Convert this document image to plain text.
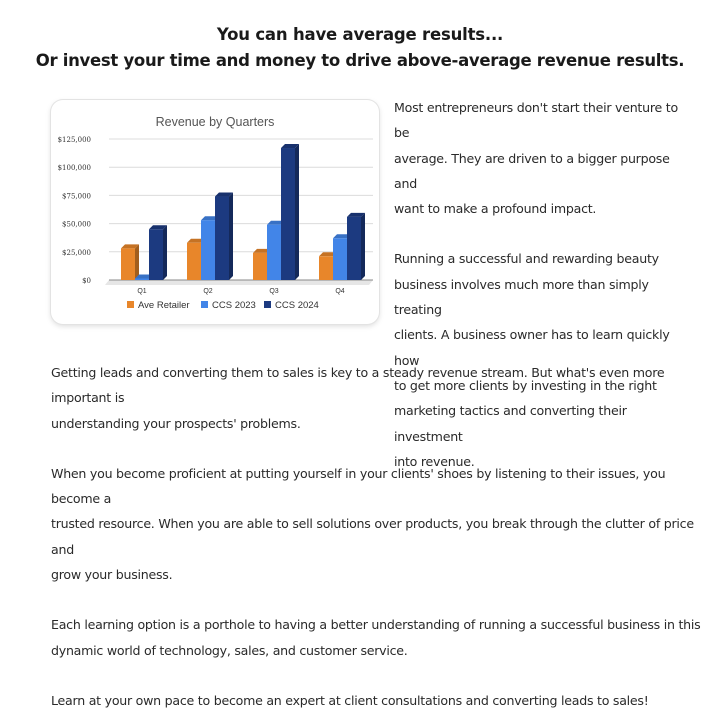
You can have average results...
Or invest your time and money to drive above-average revenue results.
Revenue by Quarters
$0
$25,000
$50,000
$75,000
$100,000
$125,000
Q1	Q2	Q3	Q4
Ave Retailer CCS 2023 CCS 2024
Most entrepreneurs don't start their venture to be
average. They are driven to a bigger purpose and
want to make a profound impact.
Running a successful and rewarding beauty
business involves much more than simply treating
clients. A business owner has to learn quickly how
to get more clients by investing in the right
marketing tactics and converting their investment
into revenue.
Getting leads and converting them to sales is key to a steady revenue stream. But what's even more important is
understanding your prospects' problems.
When you become proficient at putting yourself in your clients' shoes by listening to their issues, you become a
trusted resource. When you are able to sell solutions over products, you break through the clutter of price and
grow your business.
Each learning option is a porthole to having a better understanding of running a successful business in this
dynamic world of technology, sales, and customer service.
Learn at your own pace to become an expert at client consultations and converting leads to sales!
